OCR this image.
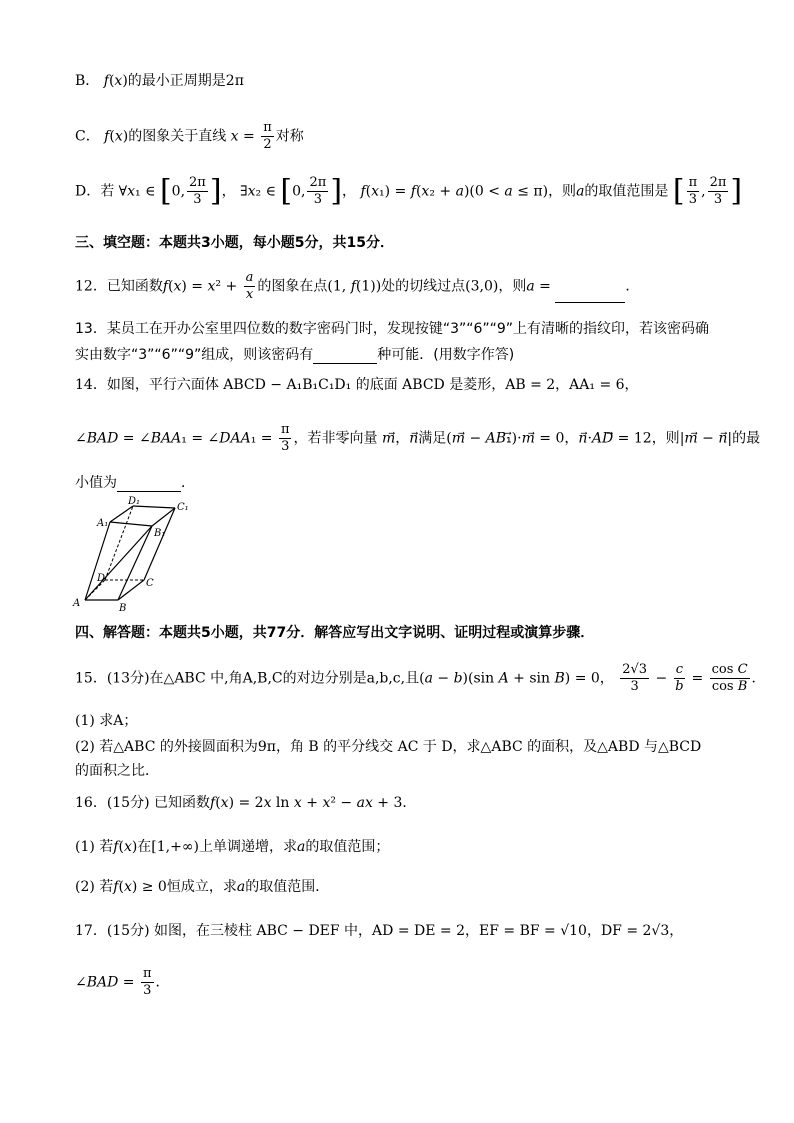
B． f(x)的最小正周期是2π
C． f(x)的图象关于直线 $x = \frac{\pi}{2}$ 对称
D．若 ∀x₁ ∈ [0, $\frac{2\pi}{3}$ ]， ∃x₂ ∈ [0, $\frac{2\pi}{3}$ ]， f(x₁) = f(x₂ + a)(0 < a ≤ π)，则a的取值范围是 [ $\frac{\pi}{3}$ , $\frac{2\pi}{3}$ ]
三、填空题：本题共3小题，每小题5分，共15分．
12．已知函数$f(x) = x^2 + \frac{a}{x}$ 的图象在点(1, f(1))处的切线过点(3,0)，则a =	．
13．某员工在开办公室里四位数的数字密码门时，发现按键“3”“6”“9”上有清晰的指纹印，若该密码确
实由数字“3”“6”“9”组成，则该密码有	种可能．(用数字作答)
14．如图，平行六面体 ABCD − A₁B₁C₁D₁ 的底面 ABCD 是菱形，AB = 2，AA₁ = 6，
∠BAD = ∠BAA₁ = ∠DAA₁ = $\frac{\pi}{3}$ ，若非零向量 m⃗，n满足(m⃗ − AB₁⃗)·m⃗ = 0，n⃗·AD⃗ = 12，则|m⃗ − n⃗|的最
小值为	．
A	B
C
D
A₁
B₁
C₁
D₁
四、解答题：本题共5小题，共77分．解答应写出文字说明、证明过程或演算步骤．
15．(13分)在△ABC 中,角A,B,C的对边分别是a,b,c,且(a − b)(sin A + sin B) = 0， $\frac{2√3}{3} - \frac{c}{b} = \frac{\text{cos C}}{\text{cos B}}$ ．
(1) 求A；
(2) 若△ABC 的外接圆面积为9π，角 B 的平分线交 AC 于 D，求△ABC 的面积，及△ABD 与△BCD
的面积之比．
16．(15分) 已知函数f(x) = 2x ln x + x² − ax + 3．
(1) 若f(x)在[1,+∞)上单调递增，求a的取值范围；
(2) 若f(x) ≥ 0恒成立，求a的取值范围．
17．(15分) 如图，在三棱柱 ABC − DEF 中，AD = DE = 2，EF = BF = √10，DF = 2√3，
∠BAD = $\frac{\pi}{3}$ ．
